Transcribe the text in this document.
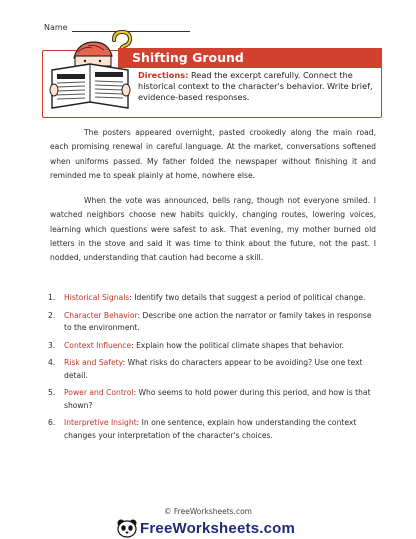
Name
Shifting Ground
Directions: Read the excerpt carefully. Connect the historical context to the character's behavior. Write brief, evidence-based responses.

The posters appeared overnight, pasted crookedly along the main road, each promising renewal in careful language. At the market, conversations softened when uniforms passed. My father folded the newspaper without finishing it and reminded me to speak plainly at home, nowhere else.

When the vote was announced, bells rang, though not everyone smiled. I watched neighbors choose new habits quickly, changing routes, lowering voices, learning which questions were safest to ask. That evening, my mother burned old letters in the stove and said it was time to think about the future, not the past. I nodded, understanding that caution had become a skill.

1. Historical Signals: Identify two details that suggest a period of political change.
2. Character Behavior: Describe one action the narrator or family takes in response to the environment.
3. Context Influence: Explain how the political climate shapes that behavior.
4. Risk and Safety: What risks do characters appear to be avoiding? Use one text detail.
5. Power and Control: Who seems to hold power during this period, and how is that shown?
6. Interpretive Insight: In one sentence, explain how understanding the context changes your interpretation of the character's choices.
© FreeWorksheets.com
FreeWorksheets.com
